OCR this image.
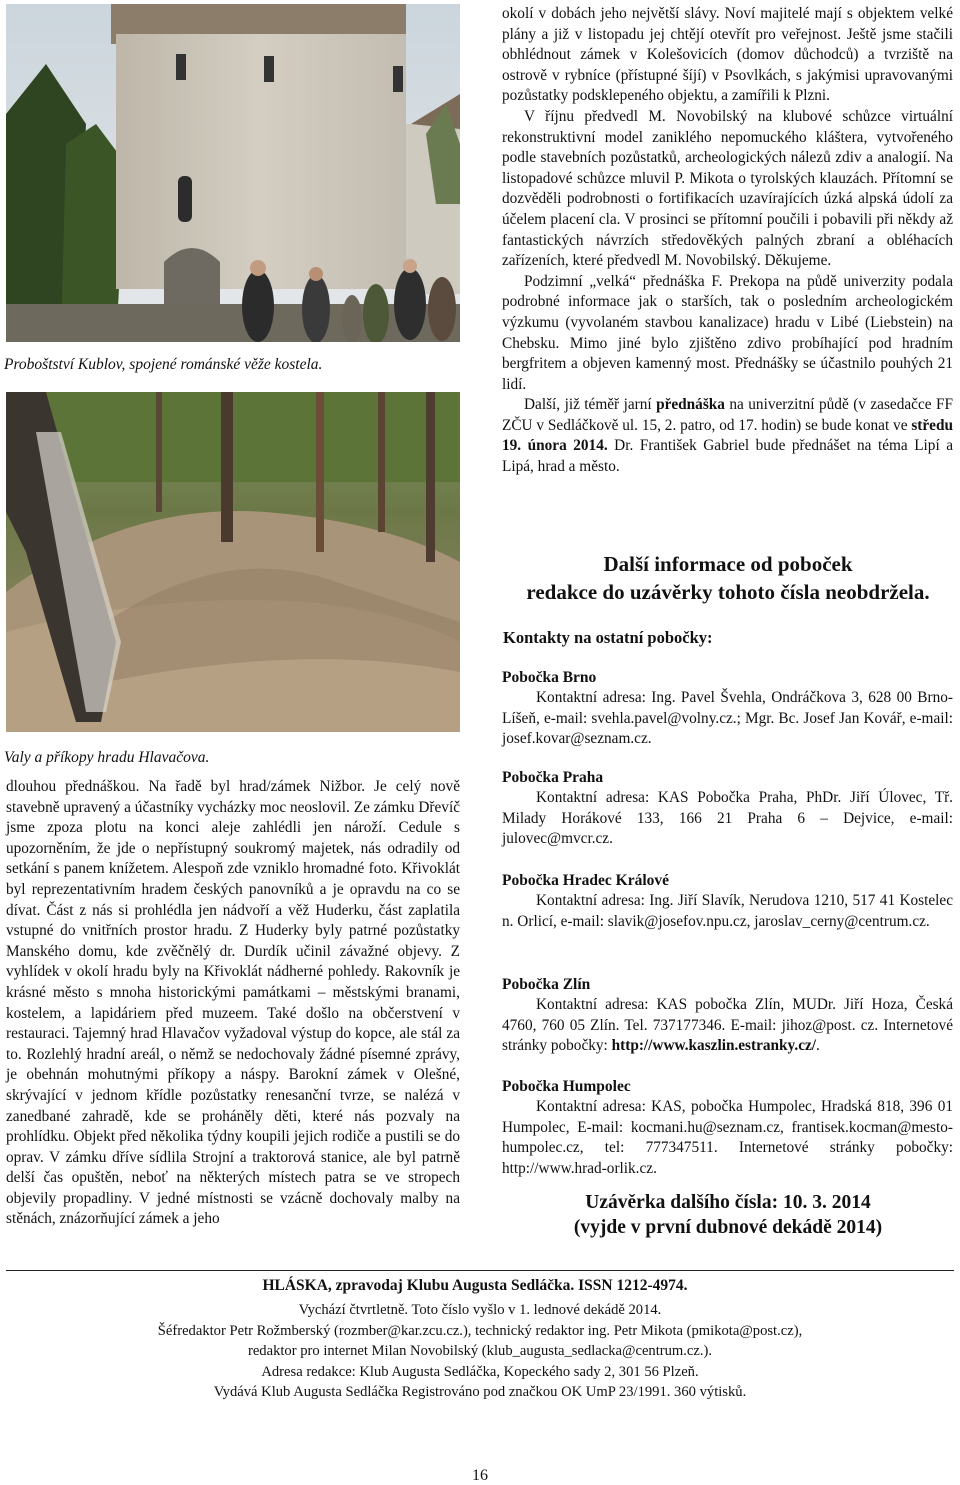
Proboštství Kublov, spojené románské věže kostela.
Valy a příkopy hradu Hlavačova.

dlouhou přednáškou. Na řadě byl hrad/zámek Nižbor. Je celý nově stavebně upravený a účastníky vycházky moc neoslovil. Ze zámku Dřevíč jsme zpoza plotu na konci aleje zahlédli jen nároží. Cedule s upozorněním, že jde o nepřístupný soukromý majetek, nás odradily od setkání s panem knížetem. Alespoň zde vzniklo hromadné foto. Křivoklát byl reprezentativním hradem českých panovníků a je opravdu na co se dívat. Část z nás si prohlédla jen nádvoří a věž Huderku, část zaplatila vstupné do vnitřních prostor hradu. Z Huderky byly patrné pozůstatky Manského domu, kde zvěčnělý dr. Durdík učinil závažné objevy. Z vyhlídek v okolí hradu byly na Křivoklát nádherné pohledy. Rakovník je krásné město s mnoha historickými památkami – městskými branami, kostelem, a lapidáriem před muzeem. Také došlo na občerstvení v restauraci. Tajemný hrad Hlavačov vyžadoval výstup do kopce, ale stál za to. Rozlehlý hradní areál, o němž se nedochovaly žádné písemné zprávy, je obehnán mohutnými příkopy a náspy. Barokní zámek v Olešné, skrývající v jednom křídle pozůstatky renesanční tvrze, se nalézá v zanedbané zahradě, kde se proháněly děti, které nás pozvaly na prohlídku. Objekt před několika týdny koupili jejich rodiče a pustili se do oprav. V zámku dříve sídlila Strojní a traktorová stanice, ale byl patrně delší čas opuštěn, neboť na některých místech patra se ve stropech objevily propadliny. V jedné místnosti se vzácně dochovaly malby na stěnách, znázorňující zámek a jeho

okolí v dobách jeho největší slávy. Noví majitelé mají s objektem velké plány a již v listopadu jej chtějí otevřít pro veřejnost. Ještě jsme stačili obhlédnout zámek v Kolešovicích (domov důchodců) a tvrziště na ostrově v rybníce (přístupné šíjí) v Psovlkách, s jakýmisi upravovanými pozůstatky podsklepeného objektu, a zamířili k Plzni.

V říjnu předvedl M. Novobilský na klubové schůzce virtuální rekonstruktivní model zaniklého nepomuckého kláštera, vytvořeného podle stavebních pozůstatků, archeologických nálezů zdiv a analogií. Na listopadové schůzce mluvil P. Mikota o tyrolských klauzách. Přítomní se dozvěděli podrobnosti o fortifikacích uzavírajících úzká alpská údolí za účelem placení cla. V prosinci se přítomní poučili i pobavili při někdy až fantastických návrzích středověkých palných zbraní a obléhacích zařízeních, které předvedl M. Novobilský. Děkujeme.

Podzimní „velká“ přednáška F. Prekopa na půdě univerzity podala podrobné informace jak o starších, tak o posledním archeologickém výzkumu (vyvolaném stavbou kanalizace) hradu v Libé (Liebstein) na Chebsku. Mimo jiné bylo zjištěno zdivo probíhající pod hradním bergfritem a objeven kamenný most. Přednášky se účastnilo pouhých 21 lidí.

Další, již téměř jarní přednáška na univerzitní půdě (v zasedačce FF ZČU v Sedláčkově ul. 15, 2. patro, od 17. hodin) se bude konat ve středu 19. února 2014. Dr. František Gabriel bude přednášet na téma Lipí a Lipá, hrad a město.

Další informace od poboček
redakce do uzávěrky tohoto čísla neobdržela.
Kontakty na ostatní pobočky:
Pobočka Brno

Kontaktní adresa: Ing. Pavel Švehla, Ondráčkova 3, 628 00 Brno-Líšeň, e-mail: svehla.pavel@volny.cz.; Mgr. Bc. Josef Jan Kovář, e-mail: josef.kovar@seznam.cz.

Pobočka Praha

Kontaktní adresa: KAS Pobočka Praha, PhDr. Jiří Úlovec, Tř. Milady Horákové 133, 166 21 Praha 6 – Dejvice, e-mail: julovec@mvcr.cz.

Pobočka Hradec Králové

Kontaktní adresa: Ing. Jiří Slavík, Nerudova 1210, 517 41 Kostelec n. Orlicí, e-mail: slavik@josefov.npu.cz, jaroslav_cerny@centrum.cz.

Pobočka Zlín

Kontaktní adresa: KAS pobočka Zlín, MUDr. Jiří Hoza, Česká 4760, 760 05 Zlín. Tel. 737177346. E-mail: jihoz@post. cz. Internetové stránky pobočky: http://www.kaszlin.estranky.cz/.

Pobočka Humpolec

Kontaktní adresa: KAS, pobočka Humpolec, Hradská 818, 396 01 Humpolec, E-mail: kocmani.hu@seznam.cz, frantisek.kocman@mesto-humpolec.cz, tel: 777347511. Internetové stránky pobočky: http://www.hrad-orlik.cz.

Uzávěrka dalšího čísla: 10. 3. 2014
(vyjde v první dubnové dekádě 2014)
HLÁSKA, zpravodaj Klubu Augusta Sedláčka. ISSN 1212-4974.
Vychází čtvrtletně. Toto číslo vyšlo v 1. lednové dekádě 2014.
Šéfredaktor Petr Rožmberský (rozmber@kar.zcu.cz.), technický redaktor ing. Petr Mikota (pmikota@post.cz),
redaktor pro internet Milan Novobilský (klub_augusta_sedlacka@centrum.cz.).
Adresa redakce: Klub Augusta Sedláčka, Kopeckého sady 2, 301 56 Plzeň.
Vydává Klub Augusta Sedláčka Registrováno pod značkou OK UmP 23/1991. 360 výtisků.
16
